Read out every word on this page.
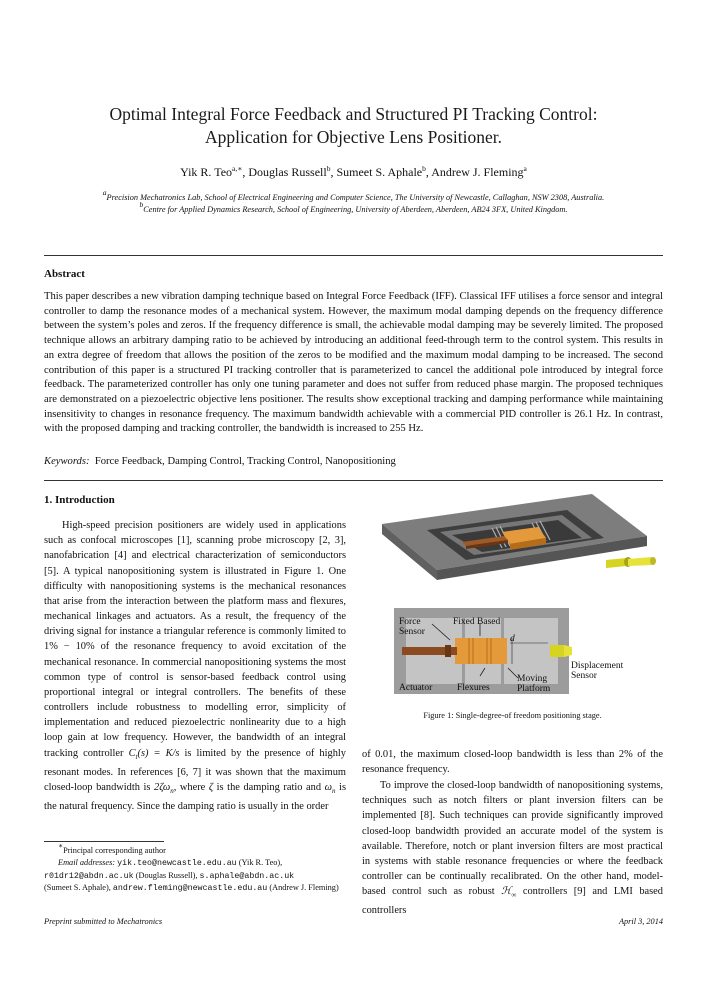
Optimal Integral Force Feedback and Structured PI Tracking Control:
Application for Objective Lens Positioner.
Yik R. Teo$^{a,∗}$, Douglas Russell$^b$, Sumeet S. Aphale$^b$, Andrew J. Fleming$^a$
$^a$Precision Mechatronics Lab, School of Electrical Engineering and Computer Science, The University of Newcastle, Callaghan, NSW 2308, Australia.
$^b$Centre for Applied Dynamics Research, School of Engineering, University of Aberdeen, Aberdeen, AB24 3FX, United Kingdom.
Abstract
This paper describes a new vibration damping technique based on Integral Force Feedback (IFF). Classical IFF utilises a force sensor and integral controller to damp the resonance modes of a mechanical system. However, the maximum modal damping depends on the frequency difference between the system’s poles and zeros. If the frequency difference is small, the achievable modal damping may be severely limited. The proposed technique allows an arbitrary damping ratio to be achieved by introducing an additional feed-through term to the control system. This results in an extra degree of freedom that allows the position of the zeros to be modified and the maximum modal damping to be increased. The second contribution of this paper is a structured PI tracking controller that is parameterized to cancel the additional pole introduced by integral force feedback. The parameterized controller has only one tuning parameter and does not suffer from reduced phase margin. The proposed techniques are demonstrated on a piezoelectric objective lens positioner. The results show exceptional tracking and damping performance while maintaining insensitivity to changes in resonance frequency. The maximum bandwidth achievable with a commercial PID controller is 26.1 Hz. In contrast, with the proposed damping and tracking controller, the bandwidth is increased to 255 Hz.
Keywords: Force Feedback, Damping Control, Tracking Control, Nanopositioning
1. Introduction
High-speed precision positioners are widely used in applications such as confocal microscopes [1], scanning probe microscopy [2, 3], nanofabrication [4] and electrical characterization of semiconductors [5]. A typical nanopositioning system is illustrated in Figure 1. One difficulty with nanopositioning systems is the mechanical resonances that arise from the interaction between the platform mass and flexures, mechanical linkages and actuators. As a result, the frequency of the driving signal for instance a triangular reference is commonly limited to 1% − 10% of the resonance frequency to avoid excitation of the mechanical resonance. In commercial nanopositioning systems the most common type of control is sensor-based feedback control using proportional integral or integral controllers. The benefits of these controllers include robustness to modelling error, simplicity of implementation and reduced piezoelectric nonlinearity due to a high loop gain at low frequency. However, the bandwidth of an integral tracking controller $C_t(s) = K/s$ is limited by the presence of highly resonant modes. In references [6, 7] it was shown that the maximum closed-loop bandwidth is $2\zeta\omega_n$, where ζ is the damping ratio and $\omega_n$ is the natural frequency. Since the damping ratio is usually in the order
∗Principal corresponding author
Email addresses: yik.teo@newcastle.edu.au (Yik R. Teo),
r01dr12@abdn.ac.uk (Douglas Russell), s.aphale@abdn.ac.uk
(Sumeet S. Aphale), andrew.fleming@newcastle.edu.au (Andrew J. Fleming)
Force
Sensor
Fixed Based
d
Displacement
Sensor
Actuator	Flexures
Moving
Platform
Figure 1: Single-degree-of freedom positioning stage.
of 0.01, the maximum closed-loop bandwidth is less than 2% of the resonance frequency.
To improve the closed-loop bandwidth of nanopositioning systems, techniques such as notch filters or plant inversion filters can be implemented [8]. Such techniques can provide significantly improved closed-loop bandwidth provided an accurate model of the system is available. Therefore, notch or plant inversion filters are most practical in systems with stable resonance frequencies or where the feedback controller can be continually recalibrated. On the other hand, model-based control such as robust ℋ$_\infty$ controllers [9] and LMI based controllers
Preprint submitted to Mechatronics	April 3, 2014
